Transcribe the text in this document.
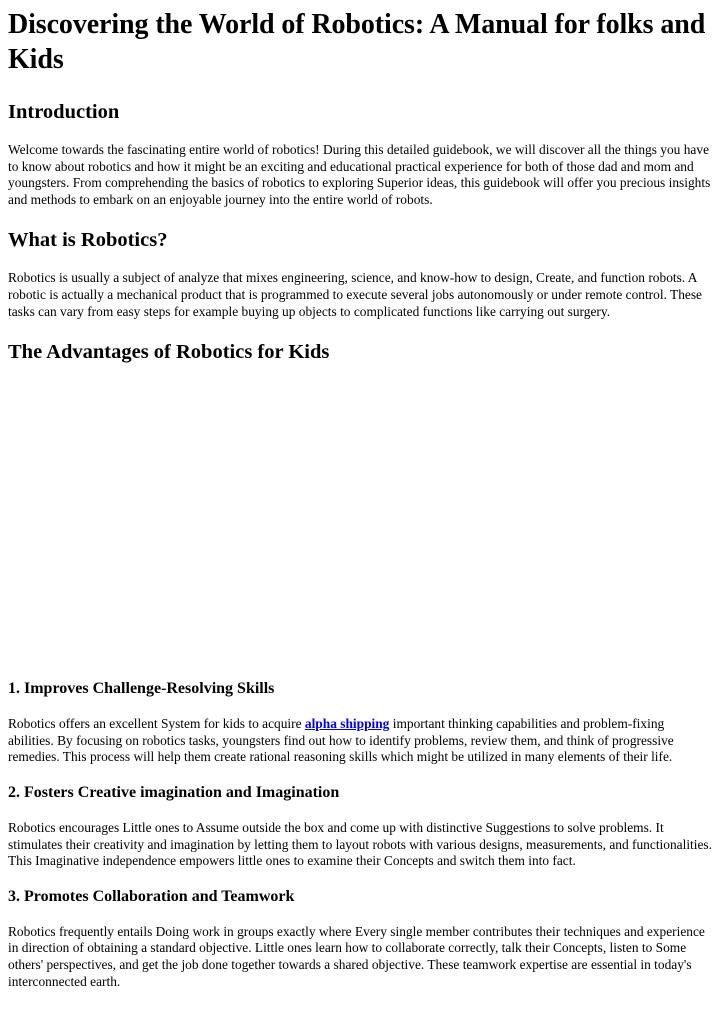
Discovering the World of Robotics: A Manual for folks and Kids
Introduction

Welcome towards the fascinating entire world of robotics! During this detailed guidebook, we will discover all the things you have to know about robotics and how it might be an exciting and educational practical experience for both of those dad and mom and youngsters. From comprehending the basics of robotics to exploring Superior ideas, this guidebook will offer you precious insights and methods to embark on an enjoyable journey into the entire world of robots.

What is Robotics?

Robotics is usually a subject of analyze that mixes engineering, science, and know-how to design, Create, and function robots. A robotic is actually a mechanical product that is programmed to execute several jobs autonomously or under remote control. These tasks can vary from easy steps for example buying up objects to complicated functions like carrying out surgery.

The Advantages of Robotics for Kids
1. Improves Challenge-Resolving Skills

Robotics offers an excellent System for kids to acquire alpha shipping important thinking capabilities and problem-fixing abilities. By focusing on robotics tasks, youngsters find out how to identify problems, review them, and think of progressive remedies. This process will help them create rational reasoning skills which might be utilized in many elements of their life.

2. Fosters Creative imagination and Imagination

Robotics encourages Little ones to Assume outside the box and come up with distinctive Suggestions to solve problems. It stimulates their creativity and imagination by letting them to layout robots with various designs, measurements, and functionalities. This Imaginative independence empowers little ones to examine their Concepts and switch them into fact.

3. Promotes Collaboration and Teamwork

Robotics frequently entails Doing work in groups exactly where Every single member contributes their techniques and experience in direction of obtaining a standard objective. Little ones learn how to collaborate correctly, talk their Concepts, listen to Some others' perspectives, and get the job done together towards a shared objective. These teamwork expertise are essential in today's interconnected earth.
